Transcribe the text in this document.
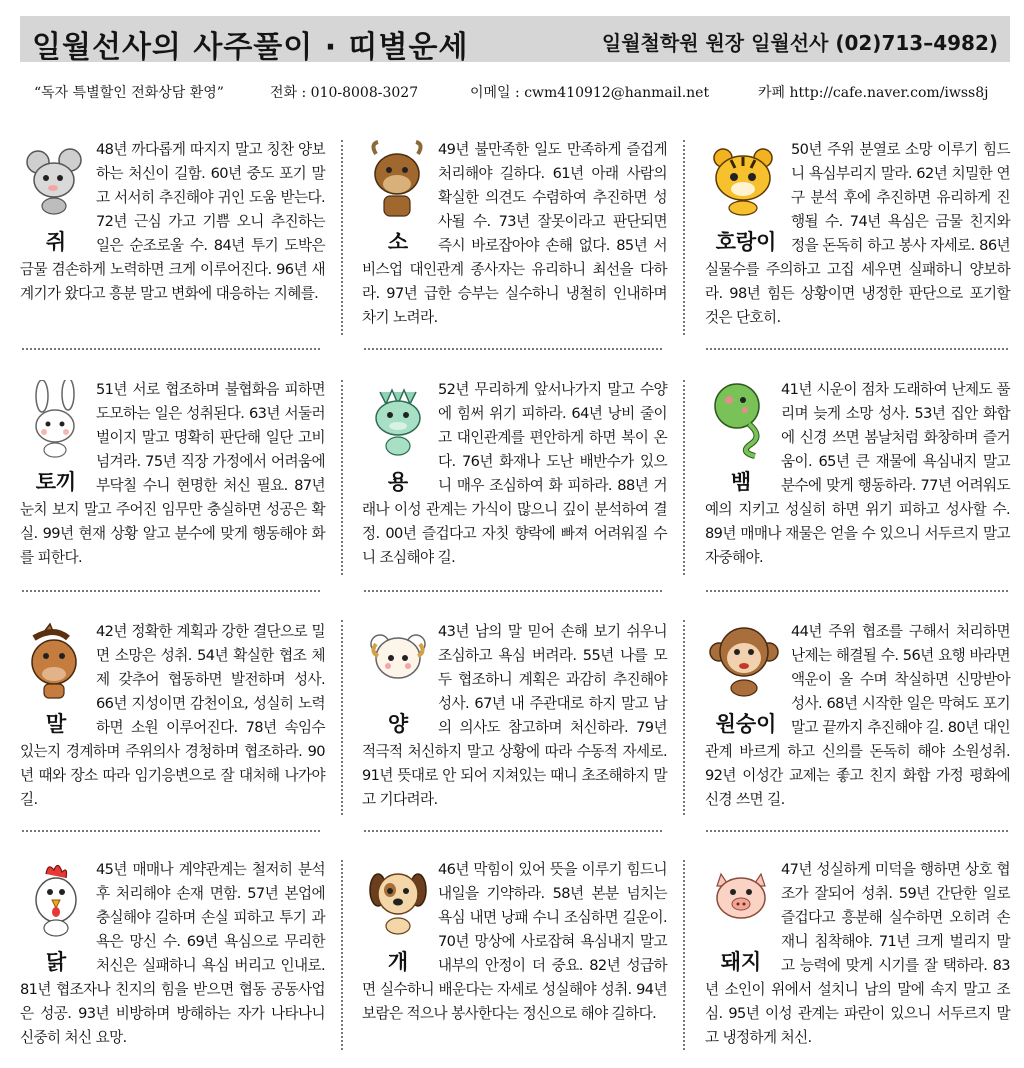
일월선사의 사주풀이 · 띠별운세	일월철학원 원장 일월선사 (02)713–4982)
“독자 특별할인 전화상담 환영”	전화 : 010-8008-3027	이메일 : cwm410912@hanmail.net	카페 http://cafe.naver.com/iwss8j
쥐

48년 까다롭게 따지지 말고 칭찬 양보하는 처신이 길함. 60년 중도 포기 말고 서서히 추진해야 귀인 도움 받는다. 72년 근심 가고 기쁨 오니 추진하는 일은 순조로울 수. 84년 투기 도박은 금물 겸손하게 노력하면 크게 이루어진다. 96년 새 계기가 왔다고 흥분 말고 변화에 대응하는 지혜를.

소

49년 불만족한 일도 만족하게 즐겁게 처리해야 길하다. 61년 아래 사람의 확실한 의견도 수렴하여 추진하면 성사될 수. 73년 잘못이라고 판단되면 즉시 바로잡아야 손해 없다. 85년 서비스업 대인관계 종사자는 유리하니 최선을 다하라. 97년 급한 승부는 실수하니 냉철히 인내하며 차기 노려라.

호랑이

50년 주위 분열로 소망 이루기 힘드니 욕심부리지 말라. 62년 치밀한 연구 분석 후에 추진하면 유리하게 진행될 수. 74년 욕심은 금물 친지와 정을 돈독히 하고 봉사 자세로. 86년 실물수를 주의하고 고집 세우면 실패하니 양보하라. 98년 힘든 상황이면 냉정한 판단으로 포기할 것은 단호히.

토끼

51년 서로 협조하며 불협화음 피하면 도모하는 일은 성취된다. 63년 서둘러 벌이지 말고 명확히 판단해 일단 고비 넘겨라. 75년 직장 가정에서 어려움에 부닥칠 수니 현명한 처신 필요. 87년 눈치 보지 말고 주어진 임무만 충실하면 성공은 확실. 99년 현재 상황 알고 분수에 맞게 행동해야 화를 피한다.

용

52년 무리하게 앞서나가지 말고 수양에 힘써 위기 피하라. 64년 낭비 줄이고 대인관계를 편안하게 하면 복이 온다. 76년 화재나 도난 배반수가 있으니 매우 조심하여 화 피하라. 88년 거래나 이성 관계는 가식이 많으니 깊이 분석하여 결정. 00년 즐겁다고 자칫 향락에 빠져 어려워질 수니 조심해야 길.

뱀

41년 시운이 점차 도래하여 난제도 풀리며 늦게 소망 성사. 53년 집안 화합에 신경 쓰면 봄날처럼 화창하며 즐거움이. 65년 큰 재물에 욕심내지 말고 분수에 맞게 행동하라. 77년 어려워도 예의 지키고 성실히 하면 위기 피하고 성사할 수. 89년 매매나 재물은 얻을 수 있으니 서두르지 말고 자중해야.

말

42년 정확한 계획과 강한 결단으로 밀면 소망은 성취. 54년 확실한 협조 체제 갖추어 협동하면 발전하며 성사. 66년 지성이면 감천이요, 성실히 노력하면 소원 이루어진다. 78년 속임수 있는지 경계하며 주위의사 경청하며 협조하라. 90년 때와 장소 따라 임기응변으로 잘 대처해 나가야 길.

양

43년 남의 말 믿어 손해 보기 쉬우니 조심하고 욕심 버려라. 55년 나를 모두 협조하니 계획은 과감히 추진해야 성사. 67년 내 주관대로 하지 말고 남의 의사도 참고하며 처신하라. 79년 적극적 처신하지 말고 상황에 따라 수동적 자세로. 91년 뜻대로 안 되어 지쳐있는 때니 초조해하지 말고 기다려라.

원숭이

44년 주위 협조를 구해서 처리하면 난제는 해결될 수. 56년 요행 바라면 액운이 올 수며 착실하면 신망받아 성사. 68년 시작한 일은 막혀도 포기 말고 끝까지 추진해야 길. 80년 대인관계 바르게 하고 신의를 돈독히 해야 소원성취. 92년 이성간 교제는 좋고 친지 화합 가정 평화에 신경 쓰면 길.

닭

45년 매매나 계약관계는 철저히 분석 후 처리해야 손재 면함. 57년 본업에 충실해야 길하며 손실 피하고 투기 과욕은 망신 수. 69년 욕심으로 무리한 처신은 실패하니 욕심 버리고 인내로. 81년 협조자나 친지의 힘을 받으면 협동 공동사업은 성공. 93년 비방하며 방해하는 자가 나타나니 신중히 처신 요망.

개

46년 막힘이 있어 뜻을 이루기 힘드니 내일을 기약하라. 58년 본분 넘치는 욕심 내면 낭패 수니 조심하면 길운이. 70년 망상에 사로잡혀 욕심내지 말고 내부의 안정이 더 중요. 82년 성급하면 실수하니 배운다는 자세로 성실해야 성취. 94년 보람은 적으나 봉사한다는 정신으로 해야 길하다.

돼지

47년 성실하게 미덕을 행하면 상호 협조가 잘되어 성취. 59년 간단한 일로 즐겁다고 흥분해 실수하면 오히려 손재니 침착해야. 71년 크게 벌리지 말고 능력에 맞게 시기를 잘 택하라. 83년 소인이 위에서 설치니 남의 말에 속지 말고 조심. 95년 이성 관계는 파란이 있으니 서두르지 말고 냉정하게 처신.
